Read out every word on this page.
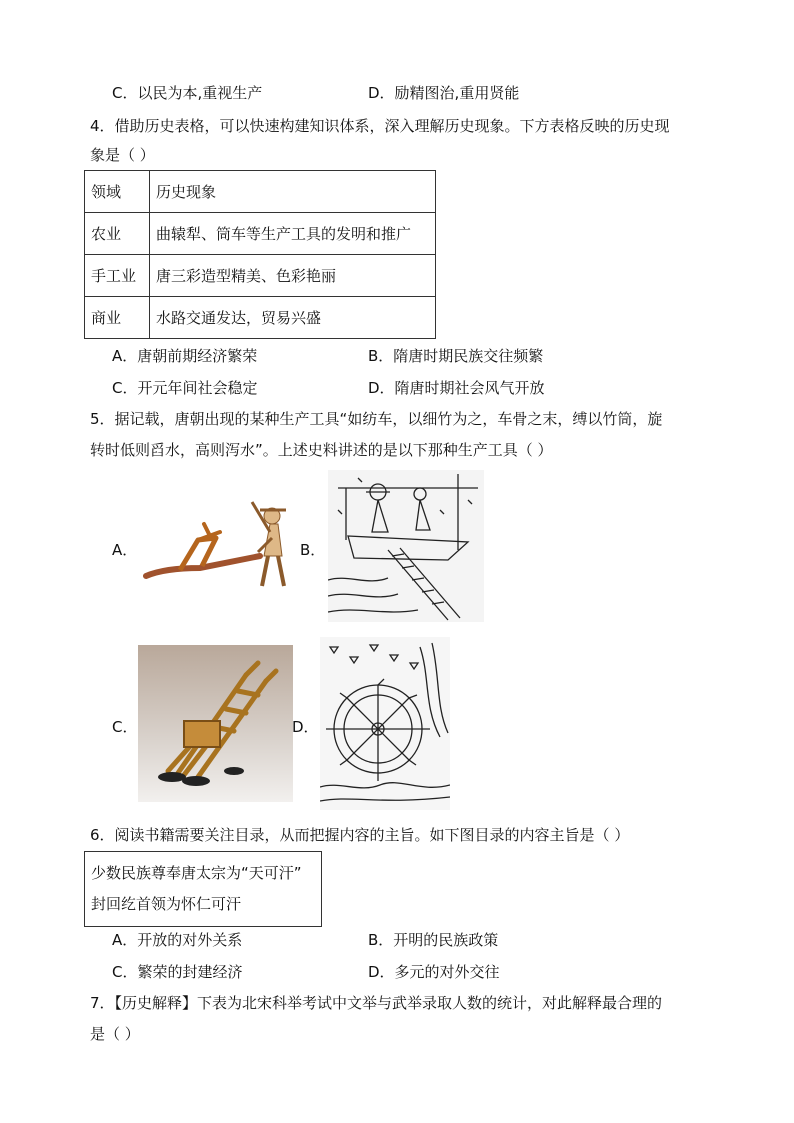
C．以民为本,重视生产	D．励精图治,重用贤能
4．借助历史表格，可以快速构建知识体系，深入理解历史现象。下方表格反映的历史现
象是（ ）
领域	历史现象
农业	曲辕犁、筒车等生产工具的发明和推广
手工业	唐三彩造型精美、色彩艳丽
商业	水路交通发达，贸易兴盛
A．唐朝前期经济繁荣	B．隋唐时期民族交往频繁
C．开元年间社会稳定	D．隋唐时期社会风气开放
5．据记载，唐朝出现的某种生产工具“如纺车，以细竹为之，车骨之末，缚以竹筒，旋
转时低则舀水，高则泻水”。上述史料讲述的是以下那种生产工具（ ）
A．	B．
C．	D．
6．阅读书籍需要关注目录，从而把握内容的主旨。如下图目录的内容主旨是（ ）
少数民族尊奉唐太宗为“天可汗”
封回纥首领为怀仁可汗
A．开放的对外关系	B．开明的民族政策
C．繁荣的封建经济	D．多元的对外交往
7．【历史解释】下表为北宋科举考试中文举与武举录取人数的统计，对此解释最合理的
是（ ）
